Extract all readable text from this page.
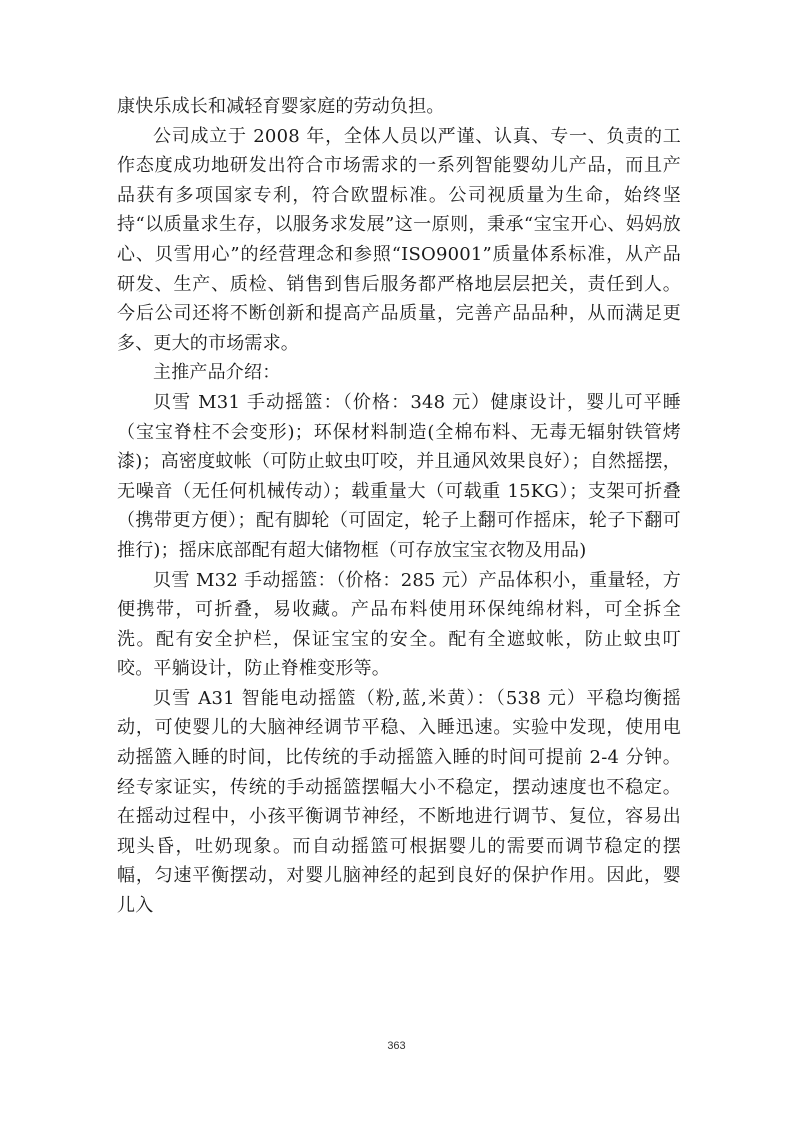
康快乐成长和减轻育婴家庭的劳动负担。

公司成立于 2008 年，全体人员以严谨、认真、专一、负责的工作态度成功地研发出符合市场需求的一系列智能婴幼儿产品，而且产品获有多项国家专利，符合欧盟标准。公司视质量为生命，始终坚持“以质量求生存，以服务求发展”这一原则，秉承“宝宝开心、妈妈放心、贝雪用心”的经营理念和参照“ISO9001”质量体系标准，从产品研发、生产、质检、销售到售后服务都严格地层层把关，责任到人。今后公司还将不断创新和提高产品质量，完善产品品种，从而满足更多、更大的市场需求。

主推产品介绍：

贝雪 M31 手动摇篮：（价格：348 元）健康设计，婴儿可平睡（宝宝脊柱不会变形)；环保材料制造(全棉布料、无毒无辐射铁管烤漆)；高密度蚊帐（可防止蚊虫叮咬，并且通风效果良好）；自然摇摆，无噪音（无任何机械传动）；载重量大（可载重 15KG）；支架可折叠（携带更方便）；配有脚轮（可固定，轮子上翻可作摇床，轮子下翻可推行)；摇床底部配有超大储物框（可存放宝宝衣物及用品)

贝雪 M32 手动摇篮：（价格：285 元）产品体积小，重量轻，方便携带，可折叠，易收藏。产品布料使用环保纯绵材料，可全拆全洗。配有安全护栏，保证宝宝的安全。配有全遮蚊帐，防止蚊虫叮咬。平躺设计，防止脊椎变形等。

贝雪 A31 智能电动摇篮（粉,蓝,米黄）：（538 元）平稳均衡摇动，可使婴儿的大脑神经调节平稳、入睡迅速。实验中发现，使用电动摇篮入睡的时间，比传统的手动摇篮入睡的时间可提前 2-4 分钟。经专家证实，传统的手动摇篮摆幅大小不稳定，摆动速度也不稳定。在摇动过程中，小孩平衡调节神经，不断地进行调节、复位，容易出现头昏，吐奶现象。而自动摇篮可根据婴儿的需要而调节稳定的摆幅，匀速平衡摆动，对婴儿脑神经的起到良好的保护作用。因此，婴儿入

363
